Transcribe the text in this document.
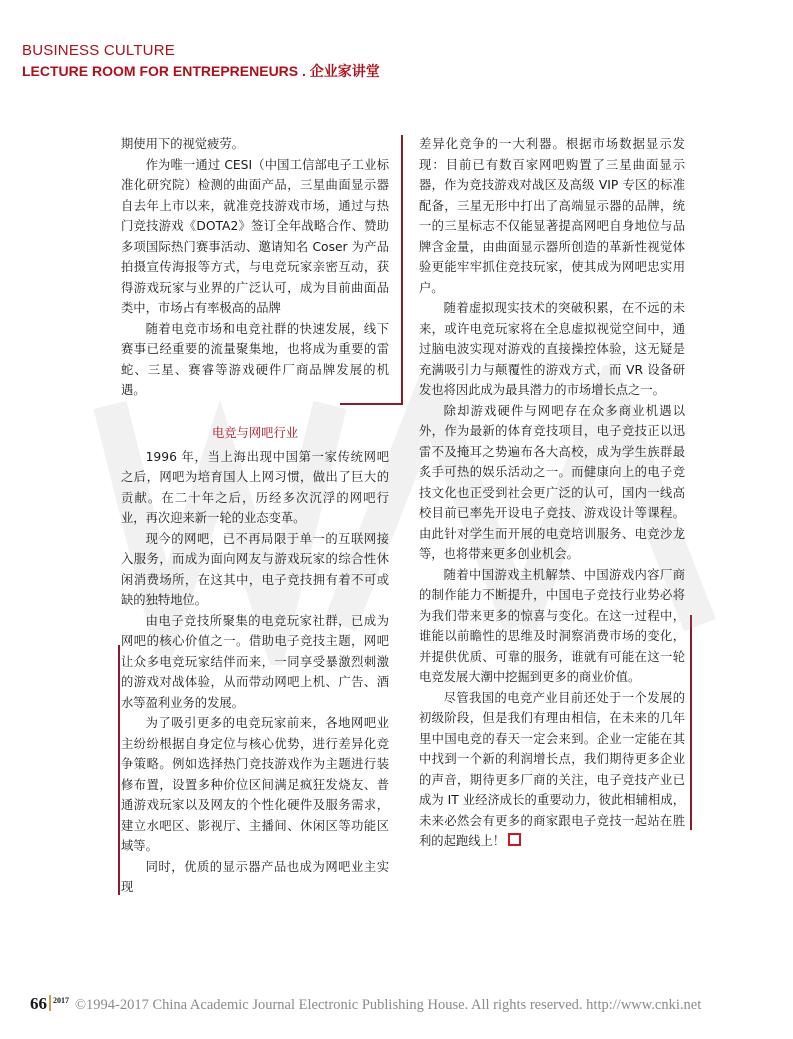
BUSINESS CULTURE
LECTURE ROOM FOR ENTREPRENEURS . 企业家讲堂

期使用下的视觉疲劳。

作为唯一通过 CESI（中国工信部电子工业标准化研究院）检测的曲面产品，三星曲面显示器自去年上市以来，就准竞技游戏市场，通过与热门竞技游戏《DOTA2》签订全年战略合作、赞助多项国际热门赛事活动、邀请知名 Coser 为产品拍摄宣传海报等方式，与电竞玩家亲密互动，获得游戏玩家与业界的广泛认可，成为目前曲面品类中，市场占有率极高的品牌

随着电竞市场和电竞社群的快速发展，线下赛事已经重要的流量聚集地，也将成为重要的雷蛇、三星、赛睿等游戏硬件厂商品牌发展的机遇。

电竞与网吧行业

1996 年，当上海出现中国第一家传统网吧之后，网吧为培育国人上网习惯，做出了巨大的贡献。在二十年之后，历经多次沉浮的网吧行业，再次迎来新一轮的业态变革。

现今的网吧，已不再局限于单一的互联网接入服务，而成为面向网友与游戏玩家的综合性休闲消费场所，在这其中，电子竞技拥有着不可或缺的独特地位。

由电子竞技所聚集的电竞玩家社群，已成为网吧的核心价值之一。借助电子竞技主题，网吧让众多电竞玩家结伴而来，一同享受暴激烈刺激的游戏对战体验，从而带动网吧上机、广告、酒水等盈利业务的发展。

为了吸引更多的电竞玩家前来，各地网吧业主纷纷根据自身定位与核心优势，进行差异化竞争策略。例如选择热门竞技游戏作为主题进行装修布置，设置多种价位区间满足疯狂发烧友、普通游戏玩家以及网友的个性化硬件及服务需求，建立水吧区、影视厅、主播间、休闲区等功能区域等。

同时，优质的显示器产品也成为网吧业主实现

差异化竞争的一大利器。根据市场数据显示发现：目前已有数百家网吧购置了三星曲面显示器，作为竞技游戏对战区及高级 VIP 专区的标准配备，三星无形中打出了高端显示器的品牌，统一的三星标志不仅能显著提高网吧自身地位与品牌含金量，由曲面显示器所创造的革新性视觉体验更能牢牢抓住竞技玩家，使其成为网吧忠实用户。

随着虚拟现实技术的突破积累，在不远的未来，或许电竞玩家将在全息虚拟视觉空间中，通过脑电波实现对游戏的直接操控体验，这无疑是充满吸引力与颠覆性的游戏方式，而 VR 设备研发也将因此成为最具潜力的市场增长点之一。

除却游戏硬件与网吧存在众多商业机遇以外，作为最新的体育竞技项目，电子竞技正以迅雷不及掩耳之势遍布各大高校，成为学生族群最炙手可热的娱乐活动之一。而健康向上的电子竞技文化也正受到社会更广泛的认可，国内一线高校目前已率先开设电子竞技、游戏设计等课程。由此针对学生而开展的电竞培训服务、电竞沙龙等，也将带来更多创业机会。

随着中国游戏主机解禁、中国游戏内容厂商的制作能力不断提升，中国电子竞技行业势必将为我们带来更多的惊喜与变化。在这一过程中，谁能以前瞻性的思维及时洞察消费市场的变化，并提供优质、可靠的服务，谁就有可能在这一轮电竞发展大潮中挖掘到更多的商业价值。

尽管我国的电竞产业目前还处于一个发展的初级阶段，但是我们有理由相信，在未来的几年里中国电竞的春天一定会来到。企业一定能在其中找到一个新的利润增长点，我们期待更多企业的声音，期待更多厂商的关注，电子竞技产业已成为 IT 业经济成长的重要动力，彼此相辅相成，未来必然会有更多的商家跟电子竞技一起站在胜利的起跑线上！

66 $^{2017}$ ©1994-2017 China Academic Journal Electronic Publishing House. All rights reserved. http://www.cnki.net
